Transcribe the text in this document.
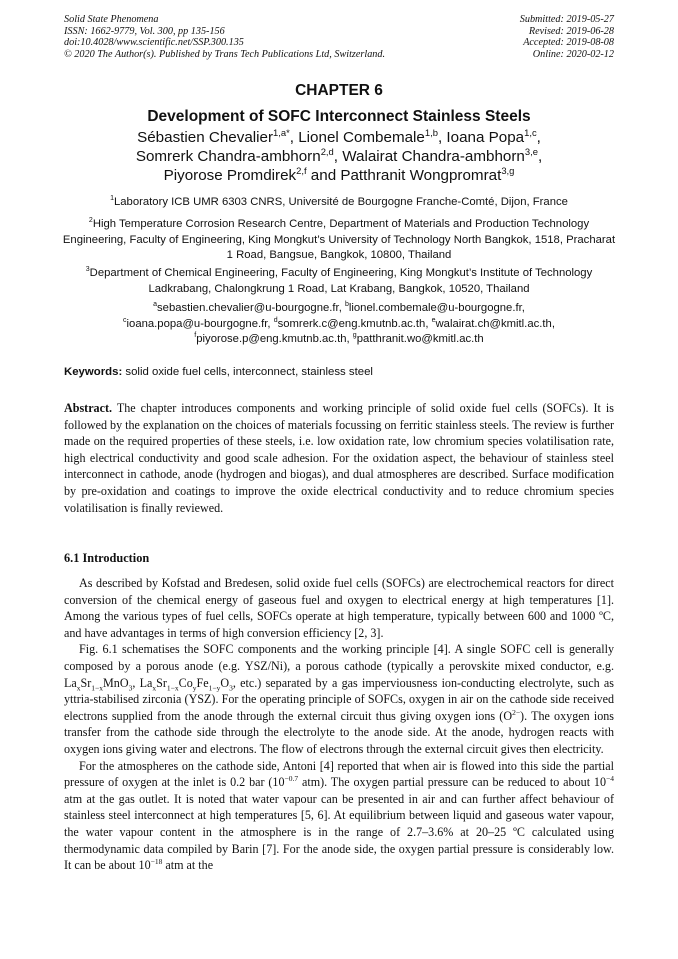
Solid State Phenomena
ISSN: 1662-9779, Vol. 300, pp 135-156
doi:10.4028/www.scientific.net/SSP.300.135
© 2020 The Author(s). Published by Trans Tech Publications Ltd, Switzerland.
Submitted: 2019-05-27
Revised: 2019-06-28
Accepted: 2019-08-08
Online: 2020-02-12
CHAPTER 6
Development of SOFC Interconnect Stainless Steels
Sébastien Chevalier$^{1,a*}$, Lionel Combemale$^{1,b}$, Ioana Popa$^{1,c}$,
Somrerk Chandra-ambhorn$^{2,d}$, Walairat Chandra-ambhorn$^{3,e}$,
Piyorose Promdirek$^{2,f}$ and Patthranit Wongpromrat$^{3,g}$
$^1$Laboratory ICB UMR 6303 CNRS, Université de Bourgogne Franche-Comté, Dijon, France
$^2$High Temperature Corrosion Research Centre, Department of Materials and Production Technology Engineering, Faculty of Engineering, King Mongkut’s University of Technology North Bangkok, 1518, Pracharat 1 Road, Bangsue, Bangkok, 10800, Thailand
$^3$Department of Chemical Engineering, Faculty of Engineering, King Mongkut’s Institute of Technology Ladkrabang, Chalongkrung 1 Road, Lat Krabang, Bangkok, 10520, Thailand
$^a$sebastien.chevalier@u-bourgogne.fr, $^b$lionel.combemale@u-bourgogne.fr,
$^c$ioana.popa@u-bourgogne.fr, $^d$somrerk.c@eng.kmutnb.ac.th, $^e$walairat.ch@kmitl.ac.th,
$^f$piyorose.p@eng.kmutnb.ac.th, $^g$patthranit.wo@kmitl.ac.th
Keywords: solid oxide fuel cells, interconnect, stainless steel
Abstract. The chapter introduces components and working principle of solid oxide fuel cells (SOFCs). It is followed by the explanation on the choices of materials focussing on ferritic stainless steels. The review is further made on the required properties of these steels, i.e. low oxidation rate, low chromium species volatilisation rate, high electrical conductivity and good scale adhesion. For the oxidation aspect, the behaviour of stainless steel interconnect in cathode, anode (hydrogen and biogas), and dual atmospheres are described. Surface modification by pre-oxidation and coatings to improve the oxide electrical conductivity and to reduce chromium species volatilisation is finally reviewed.
6.1 Introduction

As described by Kofstad and Bredesen, solid oxide fuel cells (SOFCs) are electrochemical reactors for direct conversion of the chemical energy of gaseous fuel and oxygen to electrical energy at high temperatures [1]. Among the various types of fuel cells, SOFCs operate at high temperature, typically between 600 and 1000 ºC, and have advantages in terms of high conversion efficiency [2, 3].

Fig. 6.1 schematises the SOFC components and the working principle [4]. A single SOFC cell is generally composed by a porous anode (e.g. YSZ/Ni), a porous cathode (typically a perovskite mixed conductor, e.g. $La_xSr_{1-x}MnO_3$, $La_xSr_{1-x}Co_yFe_{1-y}O_3$, etc.) separated by a gas imperviousness ion-conducting electrolyte, such as yttria-stabilised zirconia (YSZ). For the operating principle of SOFCs, oxygen in air on the cathode side received electrons supplied from the anode through the external circuit thus giving oxygen ions $(O^{2-})$. The oxygen ions transfer from the cathode side through the electrolyte to the anode side. At the anode, hydrogen reacts with oxygen ions giving water and electrons. The flow of electrons through the external circuit gives then electricity.

For the atmospheres on the cathode side, Antoni [4] reported that when air is flowed into this side the partial pressure of oxygen at the inlet is 0.2 bar ($10^{-0.7}$ atm). The oxygen partial pressure can be reduced to about $10^{-4}$ atm at the gas outlet. It is noted that water vapour can be presented in air and can further affect behaviour of stainless steel interconnect at high temperatures [5, 6]. At equilibrium between liquid and gaseous water vapour, the water vapour content in the atmosphere is in the range of 2.7–3.6% at 20–25 ºC calculated using thermodynamic data compiled by Barin [7]. For the anode side, the oxygen partial pressure is considerably low. It can be about $10^{-18}$ atm at the
